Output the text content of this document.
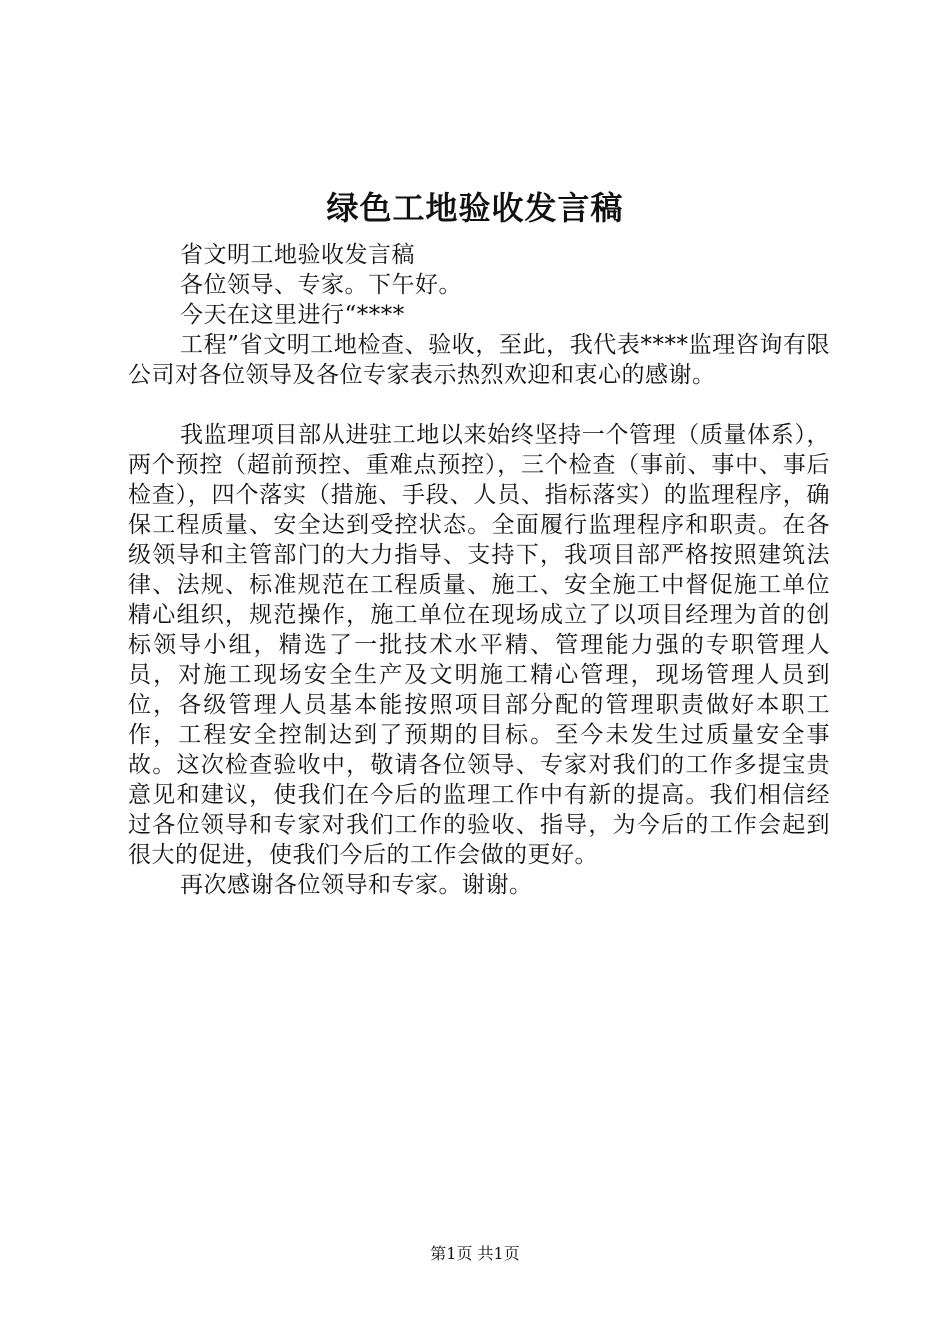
绿色工地验收发言稿

省文明工地验收发言稿

各位领导、专家。下午好。

今天在这里进行“****

工程”省文明工地检查、验收，至此，我代表****监理咨询有限公司对各位领导及各位专家表示热烈欢迎和衷心的感谢。

我监理项目部从进驻工地以来始终坚持一个管理（质量体系），两个预控（超前预控、重难点预控），三个检查（事前、事中、事后检查），四个落实（措施、手段、人员、指标落实）的监理程序，确保工程质量、安全达到受控状态。全面履行监理程序和职责。在各级领导和主管部门的大力指导、支持下，我项目部严格按照建筑法律、法规、标准规范在工程质量、施工、安全施工中督促施工单位精心组织，规范操作，施工单位在现场成立了以项目经理为首的创标领导小组，精选了一批技术水平精、管理能力强的专职管理人员，对施工现场安全生产及文明施工精心管理，现场管理人员到位，各级管理人员基本能按照项目部分配的管理职责做好本职工作，工程安全控制达到了预期的目标。至今未发生过质量安全事故。这次检查验收中，敬请各位领导、专家对我们的工作多提宝贵意见和建议，使我们在今后的监理工作中有新的提高。我们相信经过各位领导和专家对我们工作的验收、指导，为今后的工作会起到很大的促进，使我们今后的工作会做的更好。

再次感谢各位领导和专家。谢谢。

第1页 共1页
